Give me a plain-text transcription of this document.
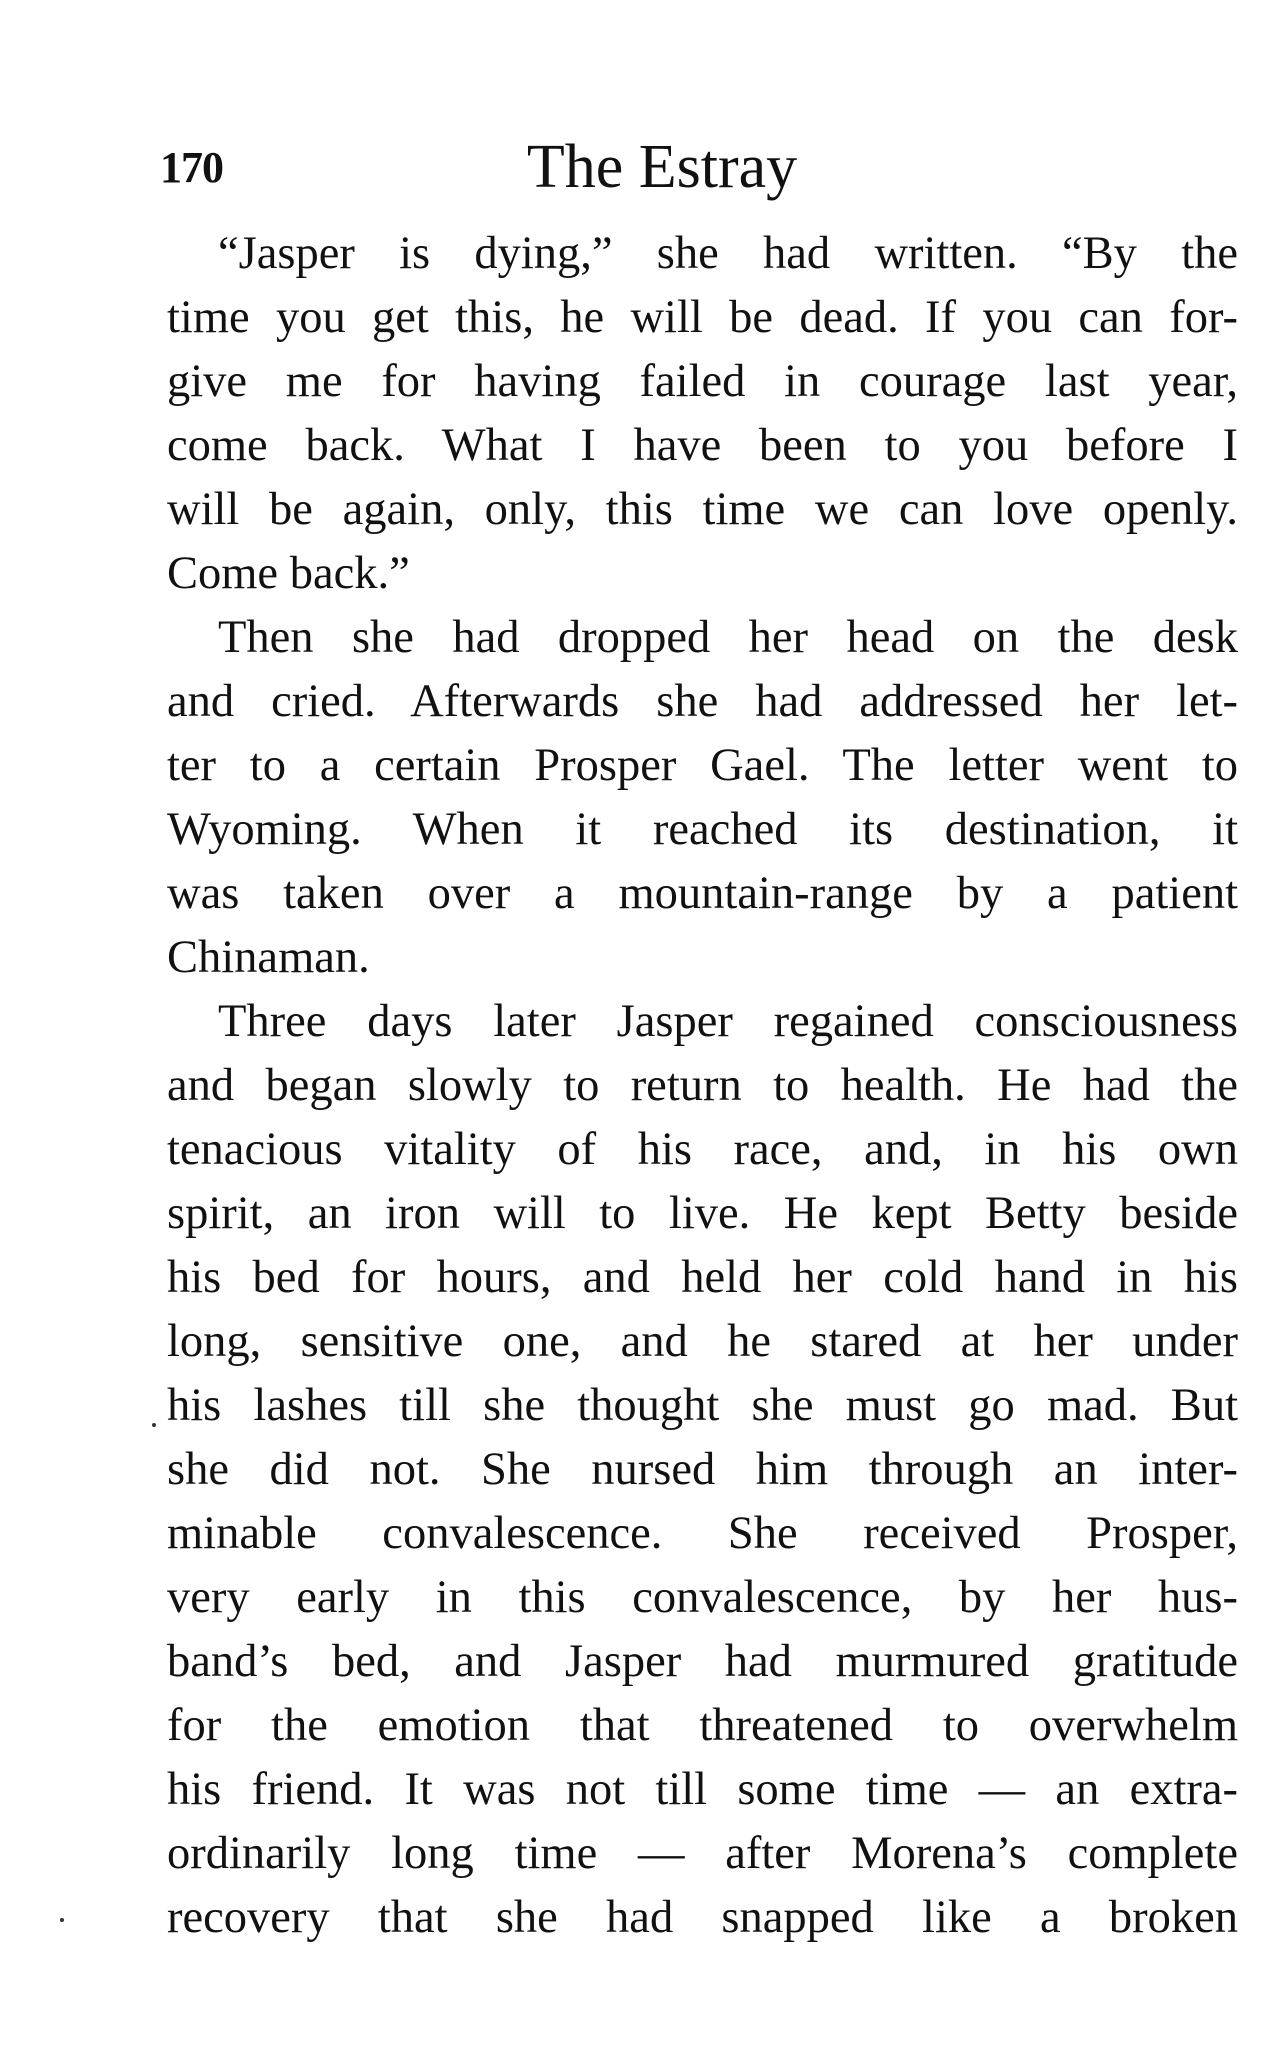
170	The Estray
“Jasper is dying,” she had written. “By the
time you get this, he will be dead. If you can for-
give me for having failed in courage last year,
come back. What I have been to you before I
will be again, only, this time we can love openly.
Come back.”
Then she had dropped her head on the desk
and cried. Afterwards she had addressed her let-
ter to a certain Prosper Gael. The letter went to
Wyoming. When it reached its destination, it
was taken over a mountain-range by a patient
Chinaman.
Three days later Jasper regained consciousness
and began slowly to return to health. He had the
tenacious vitality of his race, and, in his own
spirit, an iron will to live. He kept Betty beside
his bed for hours, and held her cold hand in his
long, sensitive one, and he stared at her under
his lashes till she thought she must go mad. But
she did not. She nursed him through an inter-
minable convalescence. She received Prosper,
very early in this convalescence, by her hus-
band’s bed, and Jasper had murmured gratitude
for the emotion that threatened to overwhelm
his friend. It was not till some time — an extra-
ordinarily long time — after Morena’s complete
recovery that she had snapped like a broken
